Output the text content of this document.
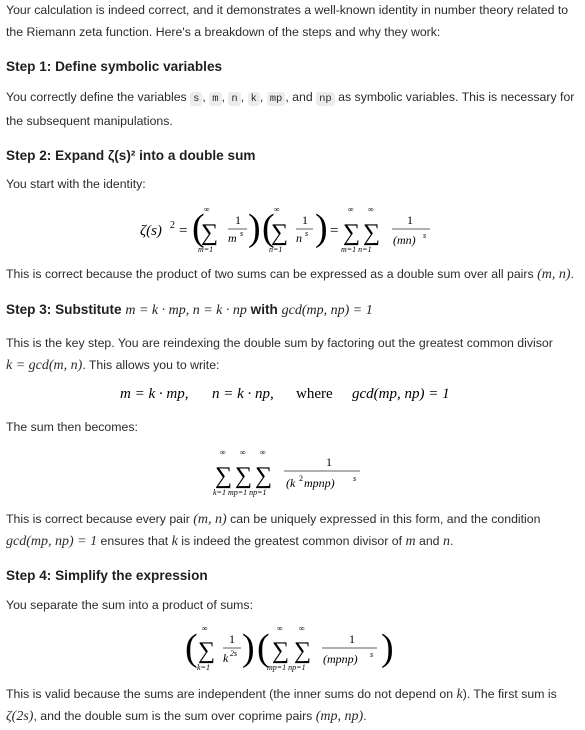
Your calculation is indeed correct, and it demonstrates a well-known identity in number theory related to the Riemann zeta function. Here's a breakdown of the steps and why they work:

Step 1: Define symbolic variables

You correctly define the variables s , m , n , k , mp , and np as symbolic variables. This is necessary for the subsequent manipulations.

Step 2: Expand ζ(s)² into a double sum

You start with the identity:

ζ(s) 2 = ( ∞
∑
m=1
1
m s ) ( ∞
∑
n=1
1
n s ) =
∞
∑
∞
∑
m=1 n=1
1
(mn) s

This is correct because the product of two sums can be expressed as a double sum over all pairs (m, n).

Step 3: Substitute m = k · mp, n = k · np with gcd(mp, np) = 1

This is the key step. You are reindexing the double sum by factoring out the greatest common divisor
k = gcd(m, n). This allows you to write:

m = k · mp, n = k · np, where gcd(mp, np) = 1

The sum then becomes:

∞
∑
∞
∑
∞
∑
k=1 mp=1 np=1
1
(k 2 mpnp) s

This is correct because every pair (m, n) can be uniquely expressed in this form, and the condition
gcd(mp, np) = 1 ensures that k is indeed the greatest common divisor of m and n.

Step 4: Simplify the expression

You separate the sum into a product of sums:

( ∞
∑
k=1
1
k 2s ) ( ∞
∑
∞
∑
mp=1 np=1
1
(mpnp) s )

This is valid because the sums are independent (the inner sums do not depend on k). The first sum is
ζ(2s), and the double sum is the sum over coprime pairs (mp, np).
